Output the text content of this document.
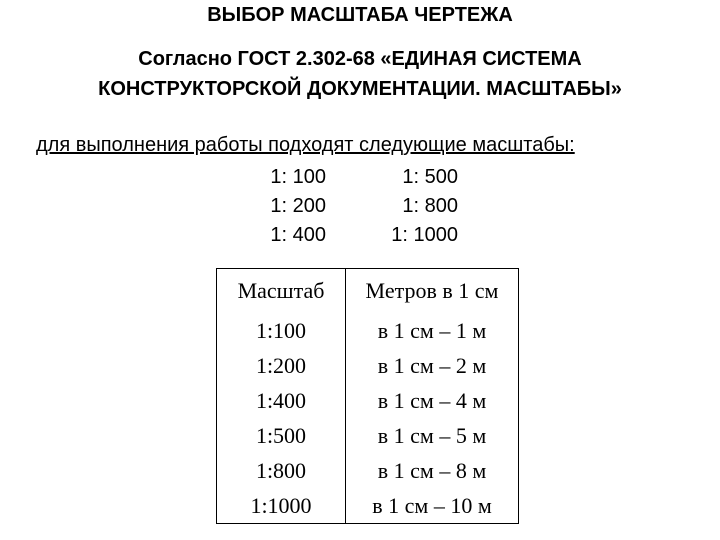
ВЫБОР МАСШТАБА ЧЕРТЕЖА
Согласно ГОСТ 2.302-68 «ЕДИНАЯ СИСТЕМА
КОНСТРУКТОРСКОЙ ДОКУМЕНТАЦИИ. МАСШТАБЫ»
для выполнения работы подходят следующие масштабы:
1: 100	1: 500
1: 200	1: 800
1: 400	1: 1000
Масштаб	Метров в 1 см
1:100	в 1 см – 1 м
1:200	в 1 см – 2 м
1:400	в 1 см – 4 м
1:500	в 1 см – 5 м
1:800	в 1 см – 8 м
1:1000	в 1 см – 10 м
